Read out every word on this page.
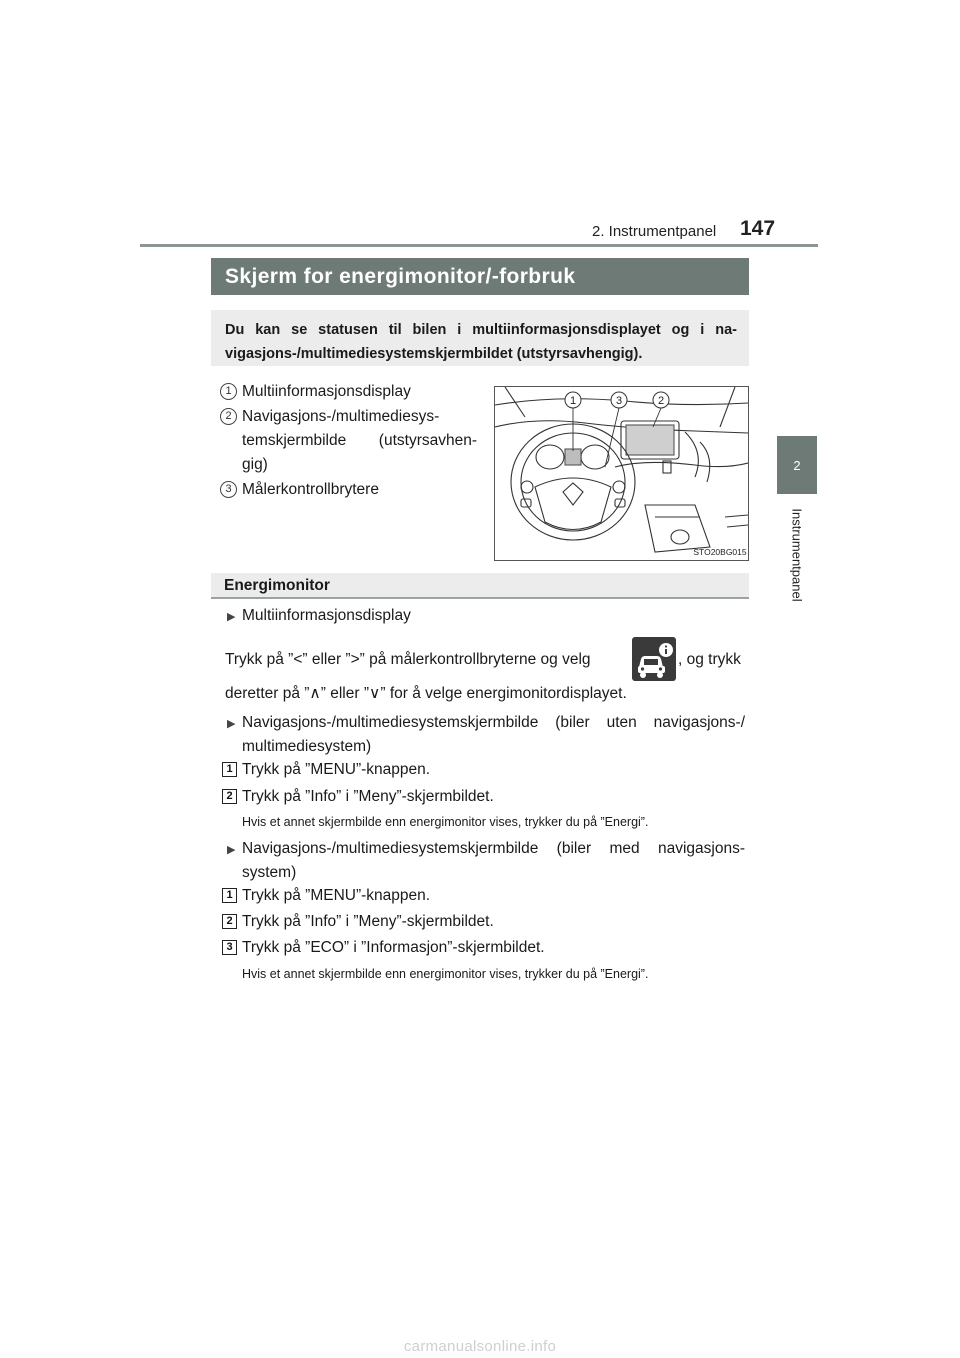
2. Instrumentpanel 147
2
Instrumentpanel
Skjerm for energimonitor/-forbruk
Du kan se statusen til bilen i multiinformasjonsdisplayet og i na-vigasjons-/multimediesystemskjermbildet (utstyrsavhengig).
1 Multiinformasjonsdisplay
2 Navigasjons-/multimediesys-
temskjermbilde (utstyrsavhen-
gig)
3 Målerkontrollbrytere
1	3	2
STO20BG015
Energimonitor
▶ Multiinformasjonsdisplay
Trykk på ”<” eller ”>” på målerkontrollbryterne og velg	, og trykk
deretter på ”∧” eller ”∨” for å velge energimonitordisplayet.
▶ Navigasjons-/multimediesystemskjermbilde (biler uten navigasjons-/
multimediesystem)
1 Trykk på ”MENU”-knappen.
2 Trykk på ”Info” i ”Meny”-skjermbildet.
Hvis et annet skjermbilde enn energimonitor vises, trykker du på ”Energi”.
▶ Navigasjons-/multimediesystemskjermbilde (biler med navigasjons-
system)
1 Trykk på ”MENU”-knappen.
2 Trykk på ”Info” i ”Meny”-skjermbildet.
3 Trykk på ”ECO” i ”Informasjon”-skjermbildet.
Hvis et annet skjermbilde enn energimonitor vises, trykker du på ”Energi”.
carmanualsonline.info
